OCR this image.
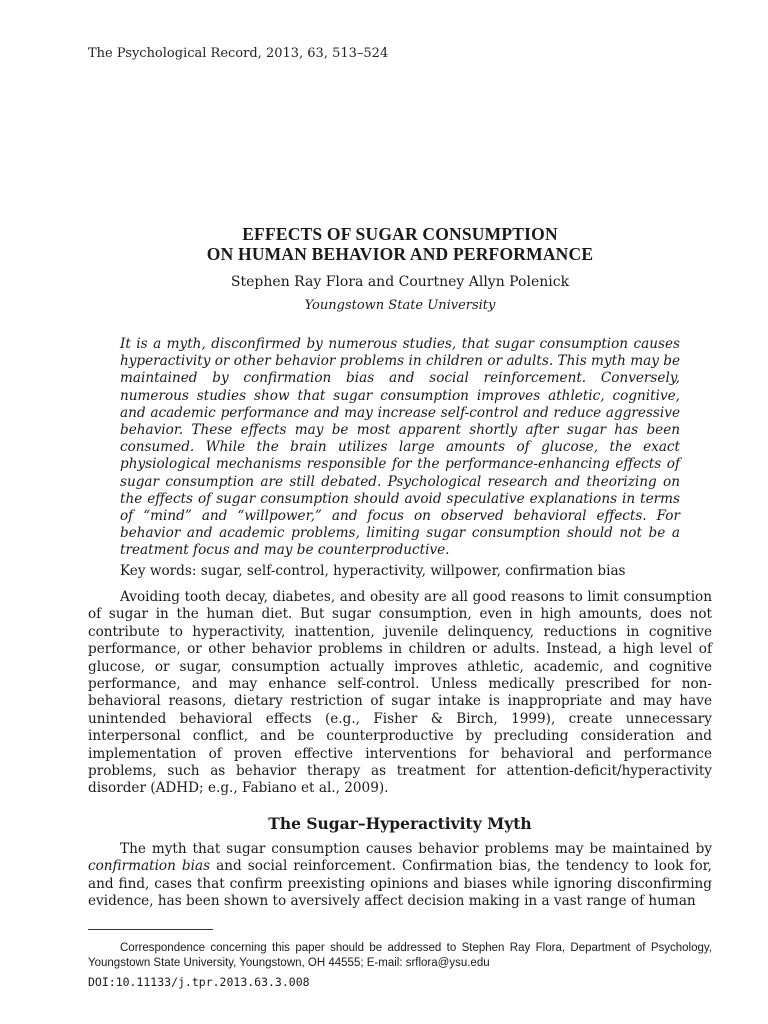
The Psychological Record, 2013, 63, 513–524
EFFECTS OF SUGAR CONSUMPTION
ON HUMAN BEHAVIOR AND PERFORMANCE
Stephen Ray Flora and Courtney Allyn Polenick
Youngstown State University

It is a myth, disconfirmed by numerous studies, that sugar consumption causes hyperactivity or other behavior problems in children or adults. This myth may be maintained by confirmation bias and social reinforcement. Conversely, numerous studies show that sugar consumption improves athletic, cognitive, and academic performance and may increase self-control and reduce aggressive behavior. These effects may be most apparent shortly after sugar has been consumed. While the brain utilizes large amounts of glucose, the exact physiological mechanisms responsible for the performance-enhancing effects of sugar consumption are still debated. Psychological research and theorizing on the effects of sugar consumption should avoid speculative explanations in terms of “mind” and “willpower,” and focus on observed behavioral effects. For behavior and academic problems, limiting sugar consumption should not be a treatment focus and may be counterproductive.

Key words: sugar, self-control, hyperactivity, willpower, confirmation bias

Avoiding tooth decay, diabetes, and obesity are all good reasons to limit consumption of sugar in the human diet. But sugar consumption, even in high amounts, does not contribute to hyperactivity, inattention, juvenile delinquency, reductions in cognitive performance, or other behavior problems in children or adults. Instead, a high level of glucose, or sugar, consumption actually improves athletic, academic, and cognitive performance, and may enhance self-control. Unless medically prescribed for non-behavioral reasons, dietary restriction of sugar intake is inappropriate and may have unintended behavioral effects (e.g., Fisher & Birch, 1999), create unnecessary interpersonal conflict, and be counterproductive by precluding consideration and implementation of proven effective interventions for behavioral and performance problems, such as behavior therapy as treatment for attention-deficit/hyperactivity disorder (ADHD; e.g., Fabiano et al., 2009).

The Sugar–Hyperactivity Myth

The myth that sugar consumption causes behavior problems may be maintained by confirmation bias and social reinforcement. Confirmation bias, the tendency to look for, and find, cases that confirm preexisting opinions and biases while ignoring disconfirming evidence, has been shown to aversively affect decision making in a vast range of human

Correspondence concerning this paper should be addressed to Stephen Ray Flora, Department of Psychology, Youngstown State University, Youngstown, OH 44555; E-mail: srflora@ysu.edu

DOI:10.11133/j.tpr.2013.63.3.008
